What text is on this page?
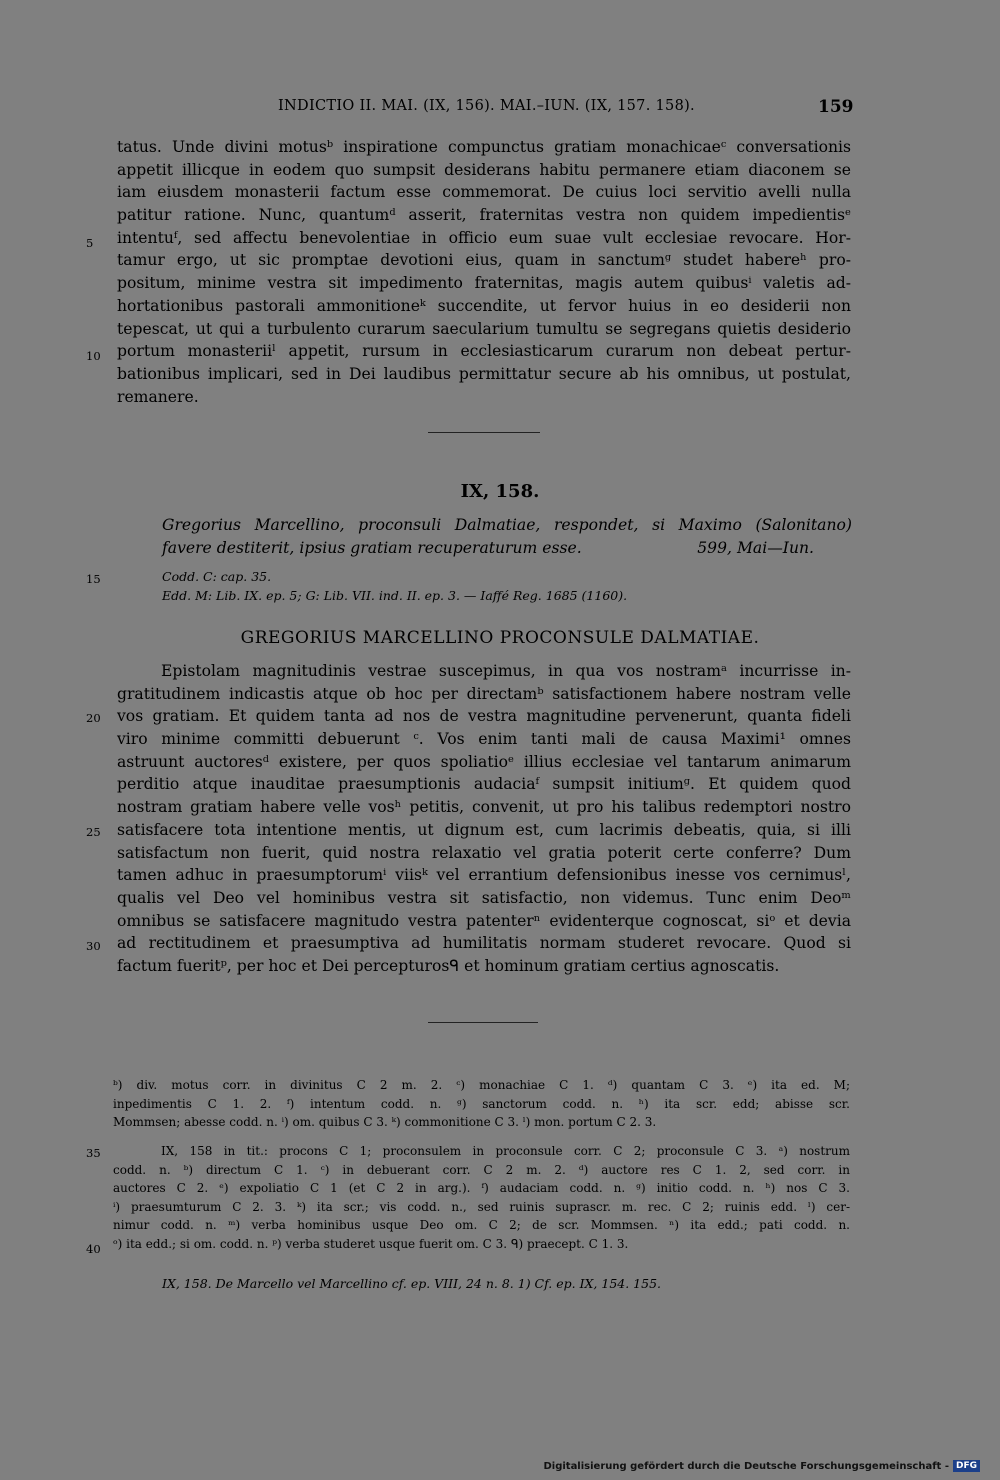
INDICTIO II. MAI. (IX, 156). MAI.–IUN. (IX, 157. 158).	159
tatus. Unde divini motusᵇ inspiratione compunctus gratiam monachicaeᶜ conversationis
appetit illicque in eodem quo sumpsit desiderans habitu permanere etiam diaconem se
iam eiusdem monasterii factum esse commemorat. De cuius loci servitio avelli nulla
patitur ratione. Nunc, quantumᵈ asserit, fraternitas vestra non quidem impedientisᵉ
intentuᶠ, sed affectu benevolentiae in officio eum suae vult ecclesiae revocare. Hor-
tamur ergo, ut sic promptae devotioni eius, quam in sanctumᵍ studet habereʰ pro-
positum, minime vestra sit impedimento fraternitas, magis autem quibusⁱ valetis ad-
hortationibus pastorali ammonitioneᵏ succendite, ut fervor huius in eo desiderii non
tepescat, ut qui a turbulento curarum saecularium tumultu se segregans quietis desiderio
portum monasteriiˡ appetit, rursum in ecclesiasticarum curarum non debeat pertur-
bationibus implicari, sed in Dei laudibus permittatur secure ab his omnibus, ut postulat,
remanere.
5
10
IX, 158.
Gregorius Marcellino, proconsuli Dalmatiae, respondet, si Maximo (Salonitano)
favere destiterit, ipsius gratiam recuperaturum esse.	599, Mai—Iun.
15	Codd. C: cap. 35.
Edd. M: Lib. IX. ep. 5; G: Lib. VII. ind. II. ep. 3. — Iaffé Reg. 1685 (1160).
GREGORIUS MARCELLINO PROCONSULE DALMATIAE.
Epistolam magnitudinis vestrae suscepimus, in qua vos nostramᵃ incurrisse in-
gratitudinem indicastis atque ob hoc per directamᵇ satisfactionem habere nostram velle
vos gratiam. Et quidem tanta ad nos de vestra magnitudine pervenerunt, quanta fideli
viro minime committi debuerunt ᶜ. Vos enim tanti mali de causa Maximi¹ omnes
astruunt auctoresᵈ existere, per quos spoliatioᵉ illius ecclesiae vel tantarum animarum
perditio atque inauditae praesumptionis audaciaᶠ sumpsit initiumᵍ. Et quidem quod
nostram gratiam habere velle vosʰ petitis, convenit, ut pro his talibus redemptori nostro
satisfacere tota intentione mentis, ut dignum est, cum lacrimis debeatis, quia, si illi
satisfactum non fuerit, quid nostra relaxatio vel gratia poterit certe conferre? Dum
tamen adhuc in praesumptorumⁱ viisᵏ vel errantium defensionibus inesse vos cernimusˡ,
qualis vel Deo vel hominibus vestra sit satisfactio, non videmus. Tunc enim Deoᵐ
omnibus se satisfacere magnitudo vestra patenterⁿ evidenterque cognoscat, siᵒ et devia
ad rectitudinem et praesumptiva ad humilitatis normam studeret revocare. Quod si
factum fueritᵖ, per hoc et Dei percepturosᑫ et hominum gratiam certius agnoscatis.
20
25
30
ᵇ) div. motus corr. in divinitus C 2 m. 2. ᶜ) monachiae C 1. ᵈ) quantam C 3. ᵉ) ita ed. M;
inpedimentis C 1. 2. ᶠ) intentum codd. n. ᵍ) sanctorum codd. n. ʰ) ita scr. edd; abisse scr.
Mommsen; abesse codd. n. ⁱ) om. quibus C 3. ᵏ) commonitione C 3. ˡ) mon. portum C 2. 3.
IX, 158 in tit.: procons C 1; proconsulem in proconsule corr. C 2; proconsule C 3. ᵃ) nostrum
codd. n. ᵇ) directum C 1. ᶜ) in debuerant corr. C 2 m. 2. ᵈ) auctore res C 1. 2, sed corr. in
auctores C 2. ᵉ) expoliatio C 1 (et C 2 in arg.). ᶠ) audaciam codd. n. ᵍ) initio codd. n. ʰ) nos C 3.
ⁱ) praesumturum C 2. 3. ᵏ) ita scr.; vis codd. n., sed ruinis suprascr. m. rec. C 2; ruinis edd. ˡ) cer-
nimur codd. n. ᵐ) verba hominibus usque Deo om. C 2; de scr. Mommsen. ⁿ) ita edd.; pati codd. n.
ᵒ) ita edd.; si om. codd. n. ᵖ) verba studeret usque fuerit om. C 3. ᑫ) praecept. C 1. 3.
35
40
IX, 158. De Marcello vel Marcellino cf. ep. VIII, 24 n. 8. 1) Cf. ep. IX, 154. 155.
Digitalisierung gefördert durch die Deutsche Forschungsgemeinschaft - DFG
